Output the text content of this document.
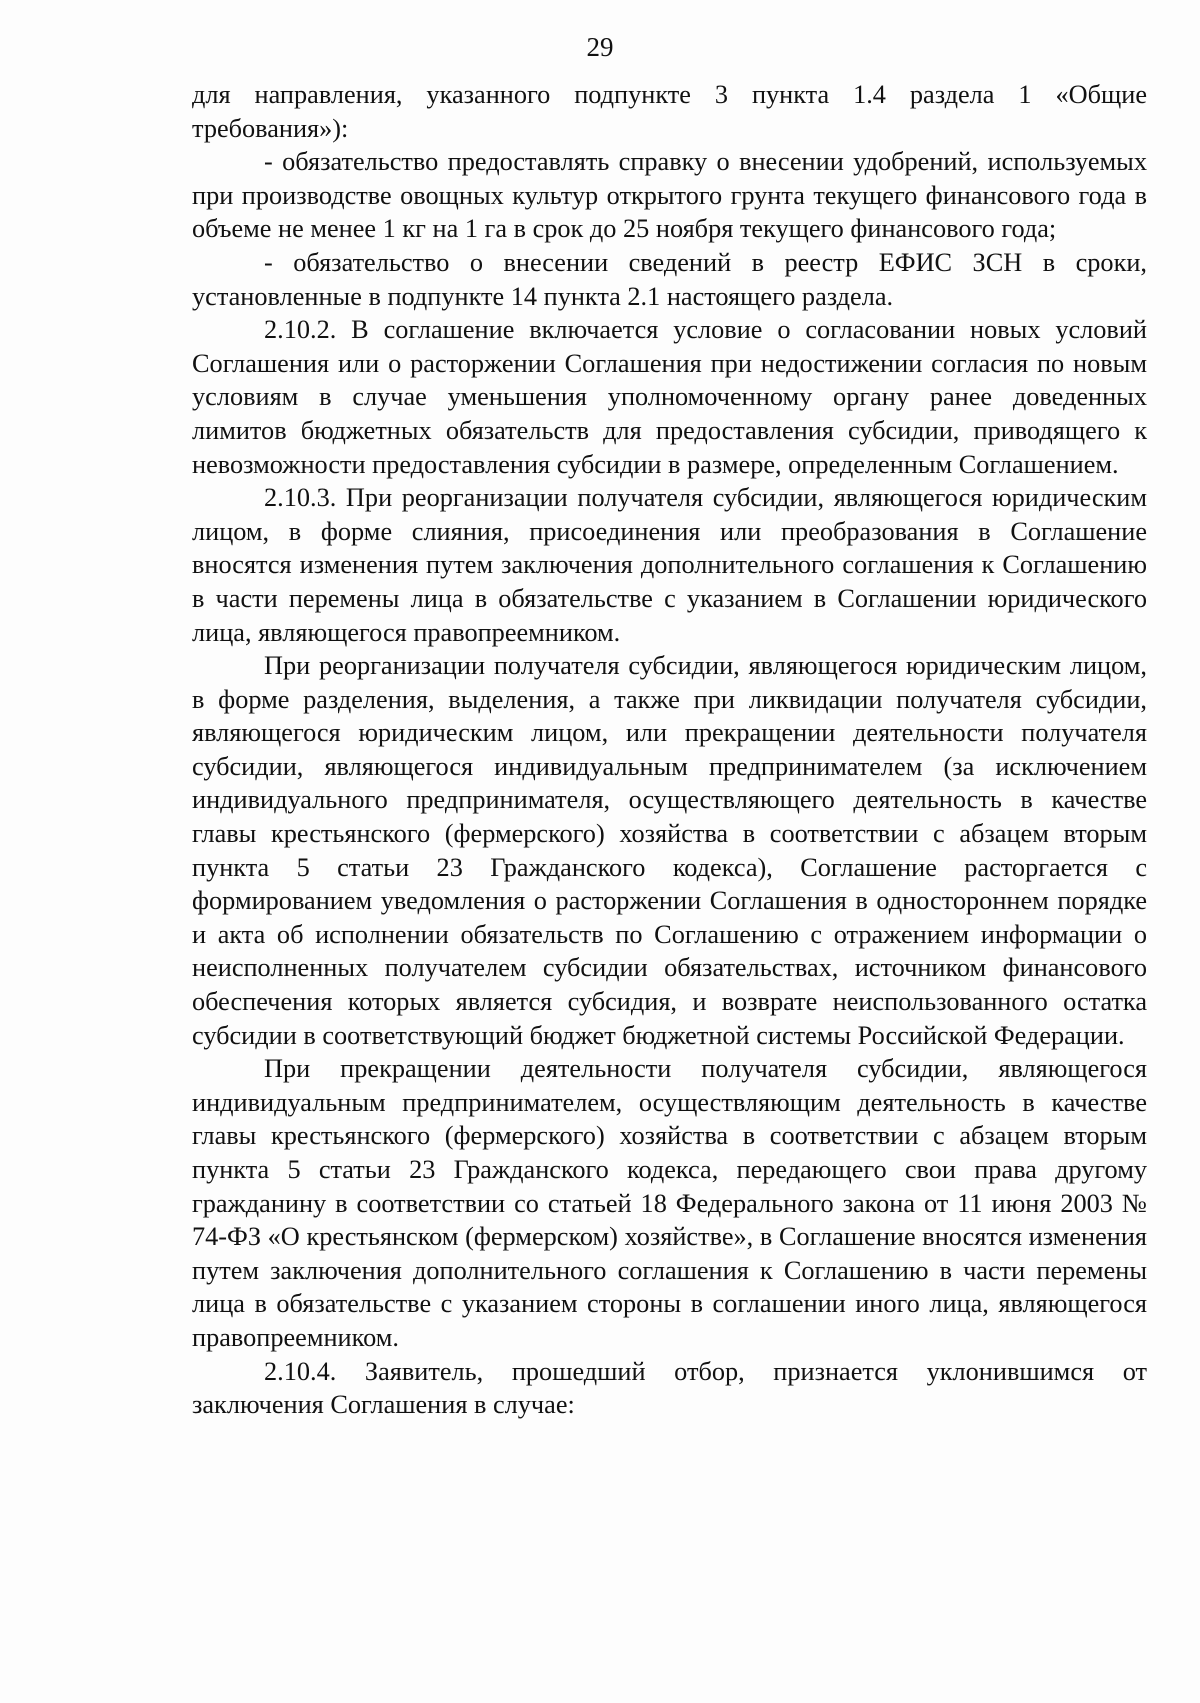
29

для направления, указанного подпункте 3 пункта 1.4 раздела 1 «Общие требования»):

- обязательство предоставлять справку о внесении удобрений, используемых при производстве овощных культур открытого грунта текущего финансового года в объеме не менее 1 кг на 1 га в срок до 25 ноября текущего финансового года;

- обязательство о внесении сведений в реестр ЕФИС ЗСН в сроки, установленные в подпункте 14 пункта 2.1 настоящего раздела.

2.10.2. В соглашение включается условие о согласовании новых условий Соглашения или о расторжении Соглашения при недостижении согласия по новым условиям в случае уменьшения уполномоченному органу ранее доведенных лимитов бюджетных обязательств для предоставления субсидии, приводящего к невозможности предоставления субсидии в размере, определенным Соглашением.

2.10.3. При реорганизации получателя субсидии, являющегося юридическим лицом, в форме слияния, присоединения или преобразования в Соглашение вносятся изменения путем заключения дополнительного соглашения к Соглашению в части перемены лица в обязательстве с указанием в Соглашении юридического лица, являющегося правопреемником.

При реорганизации получателя субсидии, являющегося юридическим лицом, в форме разделения, выделения, а также при ликвидации получателя субсидии, являющегося юридическим лицом, или прекращении деятельности получателя субсидии, являющегося индивидуальным предпринимателем (за исключением индивидуального предпринимателя, осуществляющего деятельность в качестве главы крестьянского (фермерского) хозяйства в соответствии с абзацем вторым пункта 5 статьи 23 Гражданского кодекса), Соглашение расторгается с формированием уведомления о расторжении Соглашения в одностороннем порядке и акта об исполнении обязательств по Соглашению с отражением информации о неисполненных получателем субсидии обязательствах, источником финансового обеспечения которых является субсидия, и возврате неиспользованного остатка субсидии в соответствующий бюджет бюджетной системы Российской Федерации.

При прекращении деятельности получателя субсидии, являющегося индивидуальным предпринимателем, осуществляющим деятельность в качестве главы крестьянского (фермерского) хозяйства в соответствии с абзацем вторым пункта 5 статьи 23 Гражданского кодекса, передающего свои права другому гражданину в соответствии со статьей 18 Федерального закона от 11 июня 2003 № 74-ФЗ «О крестьянском (фермерском) хозяйстве», в Соглашение вносятся изменения путем заключения дополнительного соглашения к Соглашению в части перемены лица в обязательстве с указанием стороны в соглашении иного лица, являющегося правопреемником.

2.10.4. Заявитель, прошедший отбор, признается уклонившимся от заключения Соглашения в случае:
